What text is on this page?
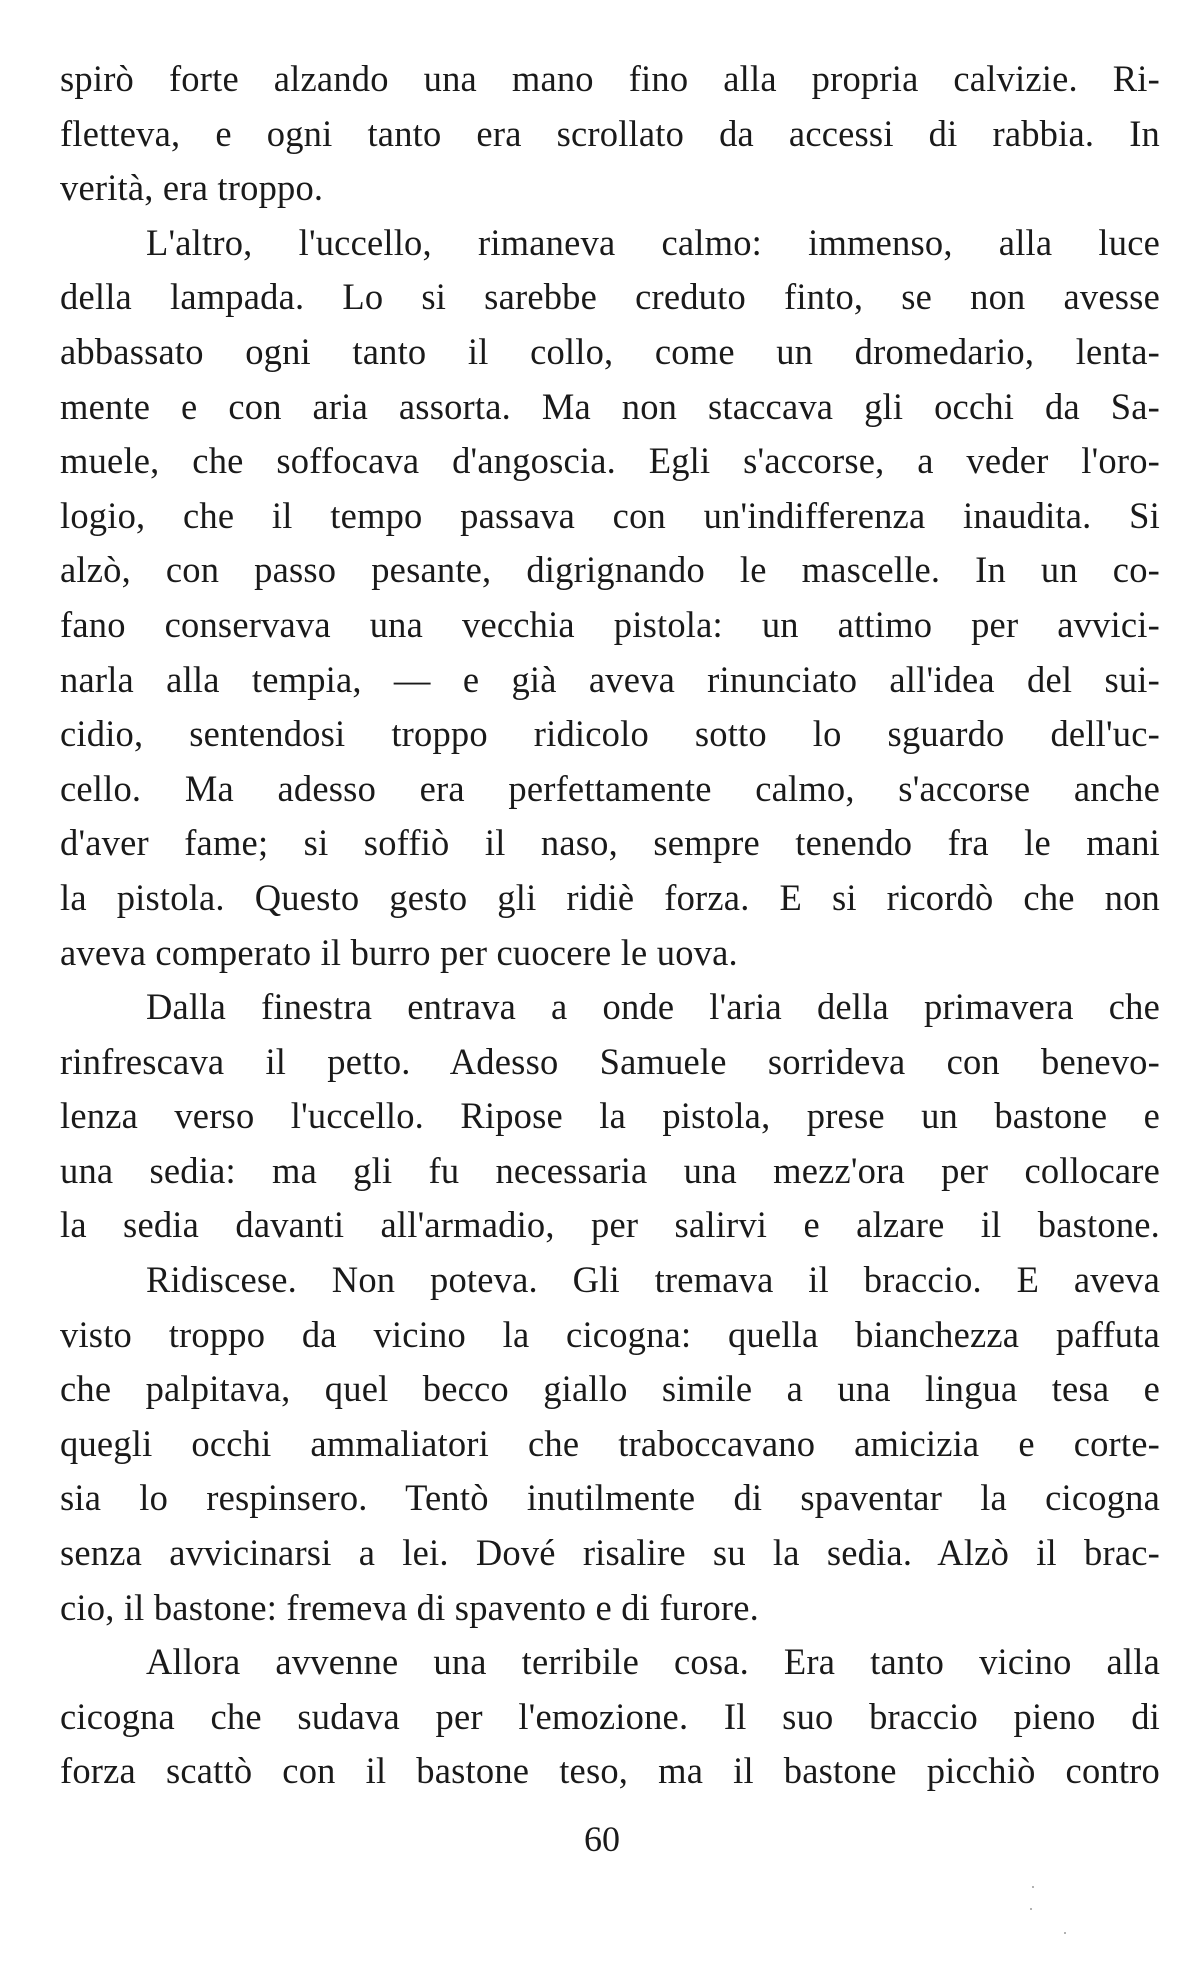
spirò forte alzando una mano fino alla propria calvizie. Ri-
fletteva, e ogni tanto era scrollato da accessi di rabbia. In
verità, era troppo.
L'altro, l'uccello, rimaneva calmo: immenso, alla luce
della lampada. Lo si sarebbe creduto finto, se non avesse
abbassato ogni tanto il collo, come un dromedario, lenta-
mente e con aria assorta. Ma non staccava gli occhi da Sa-
muele, che soffocava d'angoscia. Egli s'accorse, a veder l'oro-
logio, che il tempo passava con un'indifferenza inaudita. Si
alzò, con passo pesante, digrignando le mascelle. In un co-
fano conservava una vecchia pistola: un attimo per avvici-
narla alla tempia, — e già aveva rinunciato all'idea del sui-
cidio, sentendosi troppo ridicolo sotto lo sguardo dell'uc-
cello. Ma adesso era perfettamente calmo, s'accorse anche
d'aver fame; si soffiò il naso, sempre tenendo fra le mani
la pistola. Questo gesto gli ridiè forza. E si ricordò che non
aveva comperato il burro per cuocere le uova.
Dalla finestra entrava a onde l'aria della primavera che
rinfrescava il petto. Adesso Samuele sorrideva con benevo-
lenza verso l'uccello. Ripose la pistola, prese un bastone e
una sedia: ma gli fu necessaria una mezz'ora per collocare
la sedia davanti all'armadio, per salirvi e alzare il bastone.
Ridiscese. Non poteva. Gli tremava il braccio. E aveva
visto troppo da vicino la cicogna: quella bianchezza paffuta
che palpitava, quel becco giallo simile a una lingua tesa e
quegli occhi ammaliatori che traboccavano amicizia e corte-
sia lo respinsero. Tentò inutilmente di spaventar la cicogna
senza avvicinarsi a lei. Dové risalire su la sedia. Alzò il brac-
cio, il bastone: fremeva di spavento e di furore.
Allora avvenne una terribile cosa. Era tanto vicino alla
cicogna che sudava per l'emozione. Il suo braccio pieno di
forza scattò con il bastone teso, ma il bastone picchiò contro
60
